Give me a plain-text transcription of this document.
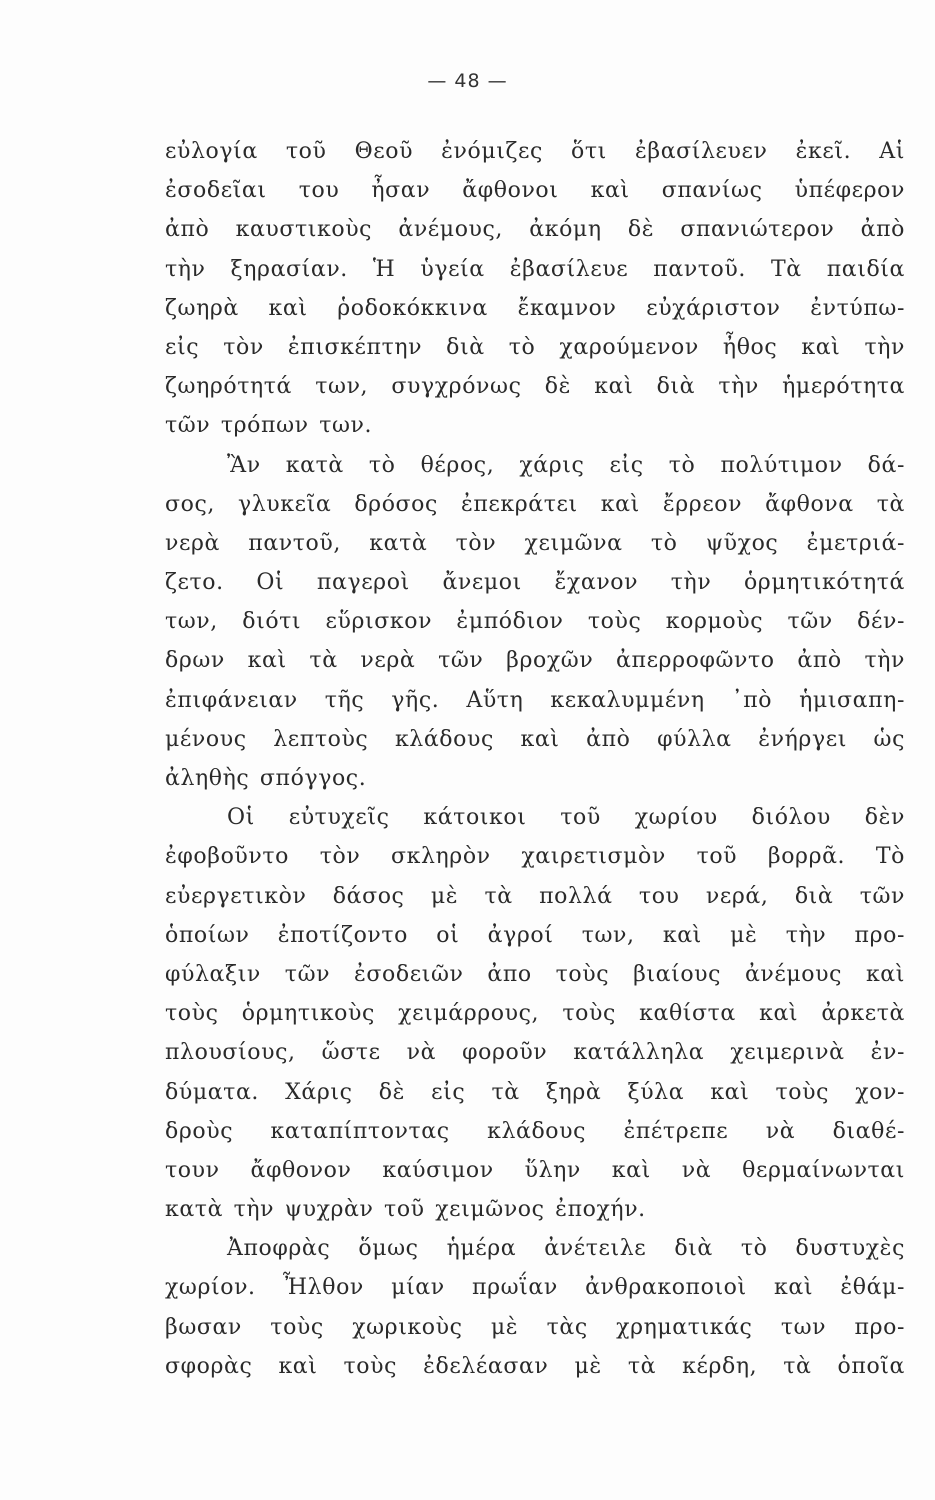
— 48 —
εὐλογία τοῦ Θεοῦ ἐνόμιζες ὅτι ἐβασίλευεν ἐκεῖ. Αἱ
ἐσοδεῖαι του ἦσαν ἄφθονοι καὶ σπανίως ὑπέφερον
ἀπὸ καυστικοὺς ἀνέμους, ἀκόμη δὲ σπανιώτερον ἀπὸ
τὴν ξηρασίαν. Ἡ ὑγεία ἐβασίλευε παντοῦ. Τὰ παιδία
ζωηρὰ καὶ ῥοδοκόκκινα ἔκαμνον εὐχάριστον ἐντύπω-
εἰς τὸν ἐπισκέπτην διὰ τὸ χαρούμενον ἦθος καὶ τὴν
ζωηρότητά των, συγχρόνως δὲ καὶ διὰ τὴν ἡμερότητα
τῶν τρόπων των.
Ἂν κατὰ τὸ θέρος, χάρις εἰς τὸ πολύτιμον δά-
σος, γλυκεῖα δρόσος ἐπεκράτει καὶ ἔρρεον ἄφθονα τὰ
νερὰ παντοῦ, κατὰ τὸν χειμῶνα τὸ ψῦχος ἐμετριά-
ζετο. Οἱ παγεροὶ ἄνεμοι ἔχανον τὴν ὁρμητικότητά
των, διότι εὕρισκον ἐμπόδιον τοὺς κορμοὺς τῶν δέν-
δρων καὶ τὰ νερὰ τῶν βροχῶν ἀπερροφῶντο ἀπὸ τὴν
ἐπιφάνειαν τῆς γῆς. Αὕτη κεκαλυμμένη ᾽πὸ ἡμισαπη-
μένους λεπτοὺς κλάδους καὶ ἀπὸ φύλλα ἐνήργει ὡς
ἀληθὴς σπόγγος.
Οἱ εὐτυχεῖς κάτοικοι τοῦ χωρίου διόλου δὲν
ἐφοβοῦντο τὸν σκληρὸν χαιρετισμὸν τοῦ βορρᾶ. Τὸ
εὐεργετικὸν δάσος μὲ τὰ πολλά του νερά, διὰ τῶν
ὁποίων ἐποτίζοντο οἱ ἀγροί των, καὶ μὲ τὴν προ-
φύλαξιν τῶν ἐσοδειῶν ἀπο τοὺς βιαίους ἀνέμους καὶ
τοὺς ὁρμητικοὺς χειμάρρους, τοὺς καθίστα καὶ ἀρκετὰ
πλουσίους, ὥστε νὰ φοροῦν κατάλληλα χειμερινὰ ἐν-
δύματα. Χάρις δὲ εἰς τὰ ξηρὰ ξύλα καὶ τοὺς χον-
δροὺς καταπίπτοντας κλάδους ἐπέτρεπε νὰ διαθέ-
τουν ἄφθονον καύσιμον ὕλην καὶ νὰ θερμαίνωνται
κατὰ τὴν ψυχρὰν τοῦ χειμῶνος ἐποχήν.
Ἀποφρὰς ὅμως ἡμέρα ἀνέτειλε διὰ τὸ δυστυχὲς
χωρίον. Ἦλθον μίαν πρωΐαν ἀνθρακοποιοὶ καὶ ἐθάμ-
βωσαν τοὺς χωρικοὺς μὲ τὰς χρηματικάς των προ-
σφορὰς καὶ τοὺς ἐδελέασαν μὲ τὰ κέρδη, τὰ ὁποῖα
